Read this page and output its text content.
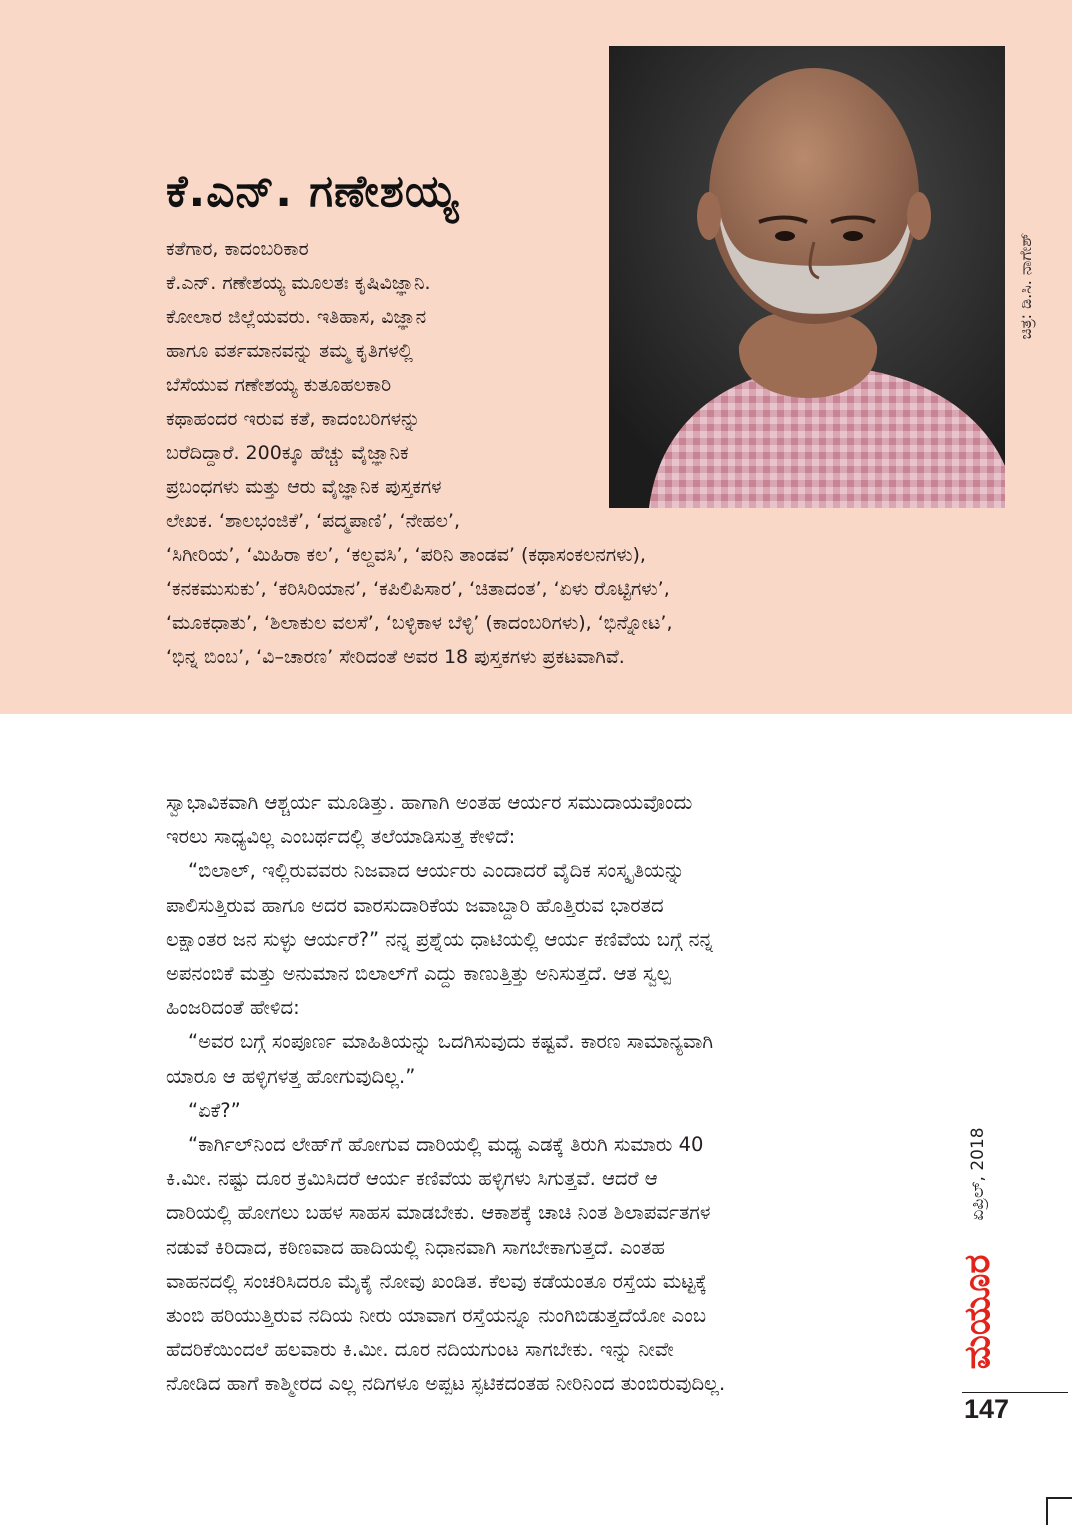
ಕೆ.ಎನ್. ಗಣೇಶಯ್ಯ

ಕತೆಗಾರ, ಕಾದಂಬರಿಕಾರ

ಕೆ.ಎನ್. ಗಣೇಶಯ್ಯ ಮೂಲತಃ ಕೃಷಿವಿಜ್ಞಾನಿ.
ಕೋಲಾರ ಜಿಲ್ಲೆಯವರು. ಇತಿಹಾಸ, ವಿಜ್ಞಾನ
ಹಾಗೂ ವರ್ತಮಾನವನ್ನು ತಮ್ಮ ಕೃತಿಗಳಲ್ಲಿ
ಬೆಸೆಯುವ ಗಣೇಶಯ್ಯ ಕುತೂಹಲಕಾರಿ
ಕಥಾಹಂದರ ಇರುವ ಕತೆ, ಕಾದಂಬರಿಗಳನ್ನು
ಬರೆದಿದ್ದಾರೆ. 200ಕ್ಕೂ ಹೆಚ್ಚು ವೈಜ್ಞಾನಿಕ
ಪ್ರಬಂಧಗಳು ಮತ್ತು ಆರು ವೈಜ್ಞಾನಿಕ ಪುಸ್ತಕಗಳ
ಲೇಖಕ. ‘ಶಾಲಭಂಜಿಕೆ’, ‘ಪದ್ಮಪಾಣಿ’, ‘ನೇಹಲ’,

‘ಸಿಗೀರಿಯ’, ‘ಮಿಹಿರಾ ಕಲ’, ‘ಕಲ್ದವಸಿ’, ‘ಪರಿನಿ ತಾಂಡವ’ (ಕಥಾಸಂಕಲನಗಳು),
‘ಕನಕಮುಸುಕು’, ‘ಕರಿಸಿರಿಯಾನ’, ‘ಕಪಿಲಿಪಿಸಾರ’, ‘ಚಿತಾದಂತ’, ‘ಏಳು ರೊಟ್ಟಿಗಳು’,
‘ಮೂಕಧಾತು’, ‘ಶಿಲಾಕುಲ ವಲಸೆ’, ‘ಬಳ್ಳಿಕಾಳ ಬೆಳ್ಳಿ’ (ಕಾದಂಬರಿಗಳು), ‘ಭಿನ್ನೋಟ’,
‘ಭಿನ್ನ ಬಿಂಬ’, ‘ವಿ–ಚಾರಣ’ ಸೇರಿದಂತೆ ಅವರ 18 ಪುಸ್ತಕಗಳು ಪ್ರಕಟವಾಗಿವೆ.

ಚಿತ್ರ: ಡಿ.ಸಿ. ನಾಗೇಶ್
ಸ್ವಾಭಾವಿಕವಾಗಿ ಆಶ್ಚರ್ಯ ಮೂಡಿತ್ತು. ಹಾಗಾಗಿ ಅಂತಹ ಆರ್ಯರ ಸಮುದಾಯವೊಂದು
ಇರಲು ಸಾಧ್ಯವಿಲ್ಲ ಎಂಬರ್ಥದಲ್ಲಿ ತಲೆಯಾಡಿಸುತ್ತ ಕೇಳಿದೆ:
“ಬಿಲಾಲ್, ಇಲ್ಲಿರುವವರು ನಿಜವಾದ ಆರ್ಯರು ಎಂದಾದರೆ ವೈದಿಕ ಸಂಸ್ಕೃತಿಯನ್ನು
ಪಾಲಿಸುತ್ತಿರುವ ಹಾಗೂ ಅದರ ವಾರಸುದಾರಿಕೆಯ ಜವಾಬ್ದಾರಿ ಹೊತ್ತಿರುವ ಭಾರತದ
ಲಕ್ಷಾಂತರ ಜನ ಸುಳ್ಳು ಆರ್ಯರೆ?” ನನ್ನ ಪ್ರಶ್ನೆಯ ಧಾಟಿಯಲ್ಲಿ ಆರ್ಯ ಕಣಿವೆಯ ಬಗ್ಗೆ ನನ್ನ
ಅಪನಂಬಿಕೆ ಮತ್ತು ಅನುಮಾನ ಬಿಲಾಲ್‌ಗೆ ಎದ್ದು ಕಾಣುತ್ತಿತ್ತು ಅನಿಸುತ್ತದೆ. ಆತ ಸ್ವಲ್ಪ
ಹಿಂಜರಿದಂತೆ ಹೇಳಿದ:
“ಅವರ ಬಗ್ಗೆ ಸಂಪೂರ್ಣ ಮಾಹಿತಿಯನ್ನು ಒದಗಿಸುವುದು ಕಷ್ಟವೆ. ಕಾರಣ ಸಾಮಾನ್ಯವಾಗಿ
ಯಾರೂ ಆ ಹಳ್ಳಿಗಳತ್ತ ಹೋಗುವುದಿಲ್ಲ.”
“ಏಕೆ?”
“ಕಾರ್ಗಿಲ್‌ನಿಂದ ಲೇಹ್‌ಗೆ ಹೋಗುವ ದಾರಿಯಲ್ಲಿ ಮಧ್ಯ ಎಡಕ್ಕೆ ತಿರುಗಿ ಸುಮಾರು 40
ಕಿ.ಮೀ. ನಷ್ಟು ದೂರ ಕ್ರಮಿಸಿದರೆ ಆರ್ಯ ಕಣಿವೆಯ ಹಳ್ಳಿಗಳು ಸಿಗುತ್ತವೆ. ಆದರೆ ಆ
ದಾರಿಯಲ್ಲಿ ಹೋಗಲು ಬಹಳ ಸಾಹಸ ಮಾಡಬೇಕು. ಆಕಾಶಕ್ಕೆ ಚಾಚಿ ನಿಂತ ಶಿಲಾಪರ್ವತಗಳ
ನಡುವೆ ಕಿರಿದಾದ, ಕಠಿಣವಾದ ಹಾದಿಯಲ್ಲಿ ನಿಧಾನವಾಗಿ ಸಾಗಬೇಕಾಗುತ್ತದೆ. ಎಂತಹ
ವಾಹನದಲ್ಲಿ ಸಂಚರಿಸಿದರೂ ಮೈಕೈ ನೋವು ಖಂಡಿತ. ಕೆಲವು ಕಡೆಯಂತೂ ರಸ್ತೆಯ ಮಟ್ಟಕ್ಕೆ
ತುಂಬಿ ಹರಿಯುತ್ತಿರುವ ನದಿಯ ನೀರು ಯಾವಾಗ ರಸ್ತೆಯನ್ನೂ ನುಂಗಿಬಿಡುತ್ತದೆಯೋ ಎಂಬ
ಹೆದರಿಕೆಯಿಂದಲೆ ಹಲವಾರು ಕಿ.ಮೀ. ದೂರ ನದಿಯಗುಂಟ ಸಾಗಬೇಕು. ಇನ್ನು ನೀವೇ
ನೋಡಿದ ಹಾಗೆ ಕಾಶ್ಮೀರದ ಎಲ್ಲ ನದಿಗಳೂ ಅಪ್ಪಟ ಸ್ಫಟಿಕದಂತಹ ನೀರಿನಿಂದ ತುಂಬಿರುವುದಿಲ್ಲ.
ಏಪ್ರಿಲ್, 2018
ಮಯೂರ

147
